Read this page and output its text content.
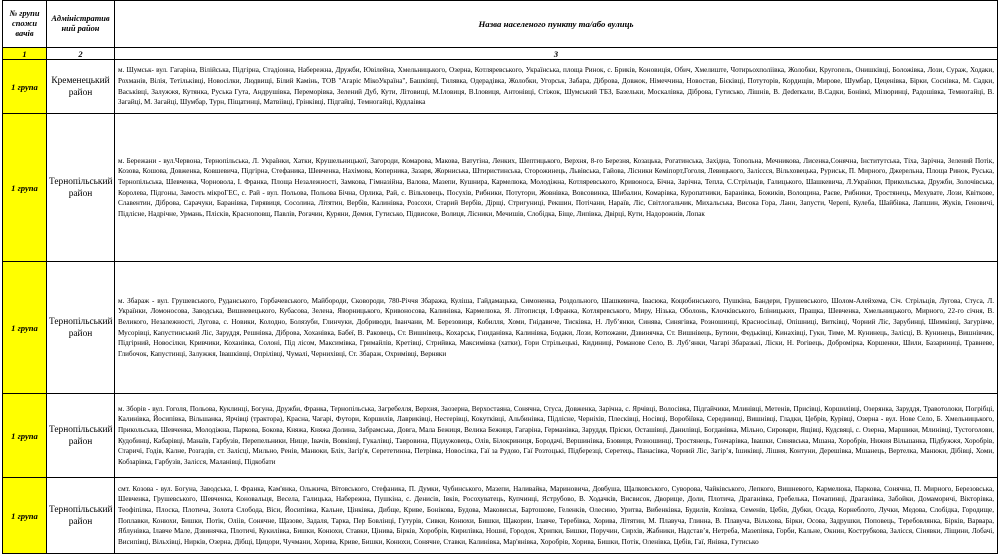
№ групи спожи вачів	Адміністратив ний район	Назва населеного пункту та/або вулиць
1	2	3
1 група	Кременецький район	м. Шумськ- вул. Гагаріна, Вілійська, Підгірна, Стадіонна, Набережна, Дружби, Ювілейна, Хмельницького, Озерна, Котляревського, Українська, площа Ринок, с. Бриків, Коновиція, Обич, Хмелиште, Чотирьохполіівка, Жолобки, Кругопель, Онишківці, Боложівка, Лози, Сураж, Ходаки, Рохманів, Вілія, Тетільківці, Новосілки, Людвищі, Білий Камінь, ТОВ "Агаріс МікоУкраїна", Башківці, Тилявка, Одерадівка, Жолобки, Угорськ, Забара, Діброва, Довжок, Німеччина, Новостав, Бієківці, Потуторів, Кордищів, Мирове, Шумбар, Цеценівка, Бірки, Соснівка, М. Садки, Васьківці, Залужжя, Кутянка, Руська Гута, Андрушівка, Переморівка, Зелений Дуб, Кути, Літовищі, М.Іловиця, В.Іловиця, Антонівці, Стіжок, Шумський ТБЗ, Базельки, Москалівка, Діброва, Гутисько, Лішнів, В. Деderкали, В.Садки, Бонівкі, Мізюринці, Радошівка, Темногайці, В. Загайці, М. Загайці, Шумбар, Турн, Піщатинці, Матвіівці, Грінківці, Підгайці, Темногайці, Кудлаівка
1 група	Тернопільський район	м. Бережани - вул.Червона, Тернопільська, Л. Українки, Хатки, Крушельницької, Загороди, Комарова, Макова, Ватутіна, Ленких, Шептицького, Верхня, 8-го Березня, Козацька, Рогатинська, Західна, Топольна, Мечникова, Лисенка,Сонячна, Інститутська, Тіха, Зарічна, Зелений Потік, Козова, Кошова, Довженка, Ковшевича, Підгірна, Стефаника, Шевченка, Нахімова, Коперника, Зазаря, Жорниська, Штиристинська, Сторожинець, Львівська, Гайова, Лісники Кеміпорт,Гоголя, Левицького, Заліссся, Вільховецька, Руриськ, П. Мирного, Джерельна, Площа Ринок, Руська, Тернопільська, Шевченка, Чорновола, І. Франка, Площа Незалежності, Замкова, Гімназійна, Валова, Мазепи, Кушнира, Кармелюка, Молодіжна, Котляревського, Кривоноса, Бічна, Зарічна, Тепла, С.Стрільців, Галицького, Шашкевича, Л.Українки, Прикольська, Дружби, Золочівська, Королева, Підгоны, Замость мікроГЕС, с. Рай - вул. Польова, Польова Бічна, Орлика, Рай, с. Вільховець, Посухів, Рибники, Потутори, Жовнівка, Вовсовинка, Шибалин, Комарівка, Куропатники, Баранівка, Божиків, Волощина, Раєве, Рибники, Тростянець, Мехувате, Лози, Квіткове, Славентин, Діброва, Сарачуки, Баранівка, Гирявиця, Сосолина, Літятин, Вербів, Калинівка, Розсохи, Старий Вербів, Дiрщi, Стригуниці, Рекшин, Потічани, Нараїв, Ліс, Світлогальчик, Михальська, Висока Гора, Ланн, Запусти, Черепі, Кулеба, Шайбівка, Лапшин, Жуків, Геновичі, Підлісне, Надрічне, Урмань, Плісків, Красноповщ, Павлів, Рогачин, Куряни, Демня, Гутисько, Підвисоке, Волиця, Лісники, Мечишів, Слобідка, Біще, Липівка, Двірці, Кути, Надорожнів, Лопак
1 група	Тернопільський район	м. Збараж - вул. Грушевського, Руданського, Горбачевського, Майбороди, Сковороди, 780-Річчя Збаража, Куліша, Гайдамацька, Симоненка, Роздольного, Шашкевича, Івасюка, Коцюбинського, Пушкіна, Бандери, Грушевського, Шолом-Алейхема, Січ. Стрільців, Лугова, Стуса, Л. Українки, Ломоносова, Заводська, Вишневецького, Кубасова, Зелена, Яворницького, Кривоносова, Калинівка, Кармелюка, Я. Літописця, І.Франка, Котляревського, Миру, Нізька, Оболонь, Клочківського, Бліницьких, Пращка, Шевченка, Хмельницького, Мирного, 22-го січня, В. Великого, Незалежності, Лугова, с. Новики, Колодно, Болязуби, Глинчуки, Добриводи, Іванчани, М. Березовиця, Кобилля, Хоми, Гнідавиче, Тисківка, Н. Лубʼянки, Синява, Синягівка, Розношинці, Красносільці, Опішниці, Витківці, Чорний Ліс, Зарубинці, Шимківці, Загурівче, Мусорівці, Капустинський Ліс, Заруддя, Решнівка, Діброва, Хоханівка, Бабеї, В. Раковець, Ст. Вишнівець, Кохарськ, Гниданівка, Калинівка, Бодаки, Лози, Котюжани, Дзвинячка, Ст. Вишнівець, Бутини, Федьківці, Кинахівці, Гуки, Тиме, М. Кунинець, Залісці, В. Кунинець, Вишнівчик, Підгірний, Новосілки, Кривчики, Коханівка, Солоні, Під лісом, Максимівка, Гримайлів, Кретівці, Стрийвка, Максимівка (хатки), Гори Стрільецькі, Кидиниці, Романове Село, В. Лубʼянки, Чагарі Збаразькі, Ліски, Н. Рогівець, Добромірка, Коршенки, Шили, Базариниці, Травневе, Глибочок, Капустинці, Залужжя, Івашківщі, Опрілівці, Чумалі, Чернихівці, Ст. Збараж, Охримівці, Верняки
1 група	Тернопільський район	м. Зборів - вул. Гоголя, Польова, Куклинці, Богуна, Дружби, Франка, Тернопільська, Загребелля, Верхня, Заозерна, Верхостаяна, Сонячна, Стуса, Довженка, Зарічна, с. Ярчівці, Волосівка, Підгайчики, Млинівці, Метенів, Присівці, Коршилівці, Озерянка, Заруддя, Травотолоки, Погрібці, Калинівка, Йосипівка, Вільшанка, Ярчівці (трактора), Красна, Чагарі, Футори, Коршилів, Лавриківці, Нестерівці, Кокутківці, Альбинівка, Підлісне, Черніхів, Плесківці, Носівці, Воробіївка, Середнинці, Вишнівці, Гладки, Цебрів, Курівці, Озерна - вул. Нове Село, Б. Хмельницького, Прикольська, Шевченка, Молодіжна, Паркова, Бокова, Княжа, Княжа Долина, Забрамська, Довга, Мала Бежиця, Велика Бежиця, Гагаріна, Германівка, Заруддя, Пріски, Осташівці, Данилівці, Богданівка, Мільно, Сировари, Ящівці, Кудсвяці, с. Озерна, Маршики, Млинівці, Тустоголови, Кудобинці, Кабарівці, Манаїв, Гарбузів, Перепельники, Нище, Івачів, Вовківці, Гукалівці, Тавровина, Підлужовець, Олів, Білокриниця, Бородачі, Вершинівка, Бзовиця, Розношинці, Тростянець, Гончарівка, Івашки, Синявська, Мшана, Хоробрів, Нижня Вільшанка, Підбужжя, Хоробрів, Старичі, Годів, Калне, Розгадів, ст. Залісці, Мильно, Ренів, Манюки, Бліх, Загір'я, Серететинна, Петрівка, Новосілка, Гаї за Рудою, Гаї Розтоцькі, Підберезці, Серетець, Панасівка, Чорний Ліс, Загірʼя, Ішиківці, Лішня, Контуни, Дерешівка, Мшанець, Вертелка, Манюки, Дібівці, Хоми, Кобзарівка, Гарбузів, Залісся, Маланівці, Підкобати
1 група	Тернопільський район	смт. Козова - вул. Богуна, Заводська, І. Франка, Кам'янка, Ольжича, Вітовського, Стефаника, П. Думки, Чубинського, Мазепи, Наливайка, Мариновича, Довбуша, Щалковського, Суворова, Чайківського, Лепкого, Вишневого, Кармелюка, Паркова, Сонячна, П. Мирного, Березовська, Шевченка, Грушевського, Шевченка, Коновальця, Весела, Галицька, Набережна, Пушкіна, с. Денисів, Івків, Росохуватець, Купчинці, Яструбово, В. Ходачків, Висвисок, Дворище, Доли, Плотича, Драганівка, Гребелька, Почапинці, Драганівка, Забойки, Домаморичі, Вікторівка, Теофіпілка, Плоска, Плотича, Золота Слобода, Віси, Йосипівка, Кальне, Цінківка, Дибще, Криве, Бонікова, Будова, Маковиськ, Бартошове, Геленків, Олесино, Уритва, Вибенківка, Будилів, Козівка, Семенів, Цебів, Дубки, Осада, Корнеблото, Лучки, Медова, Слобідка, Городище, Поплавки, Конюхи, Бишки, Потік, Оліів, Сонячне, Щазове, Задаля, Тарка, Пер Бовлінці, Гутурів, Сивки, Конюхи, Бишки, Щакорин, Ілавче, Теребівка, Хорива, Літятин, М. Плавуча, Глинна, В. Плавуча, Вільхова, Бірки, Осова, Задрушки, Поповець, Теребовлянка, Бірків, Варвара, Яблунівка, Ілавче Мале, Дзвинячка, Плотичі, Кукилівка, Бишки, Конюхи, Ставки, Цінива, Бірків, Хоробрів, Кирилівка, Ношні, Городок, Хрипки, Бишки, Поручин, Сирхів, Жабники, Надставʼя, Нетреба, Мазепівка, Горби, Кальне, Окнин, Кострубкова, Залісся, Сінявки, Ліщини, Лобачі, Висипівці, Вільхівці, Нирків, Озерна, Дібщі, Цицори, Чучмани, Хорива, Криве, Бишки, Конюхи, Сонячне, Ставки, Калинівка, Мар'янівка, Хоробрів, Хорива, Бишки, Потік, Оленівка, Цебів, Гаї, Янівка, Гутисько
